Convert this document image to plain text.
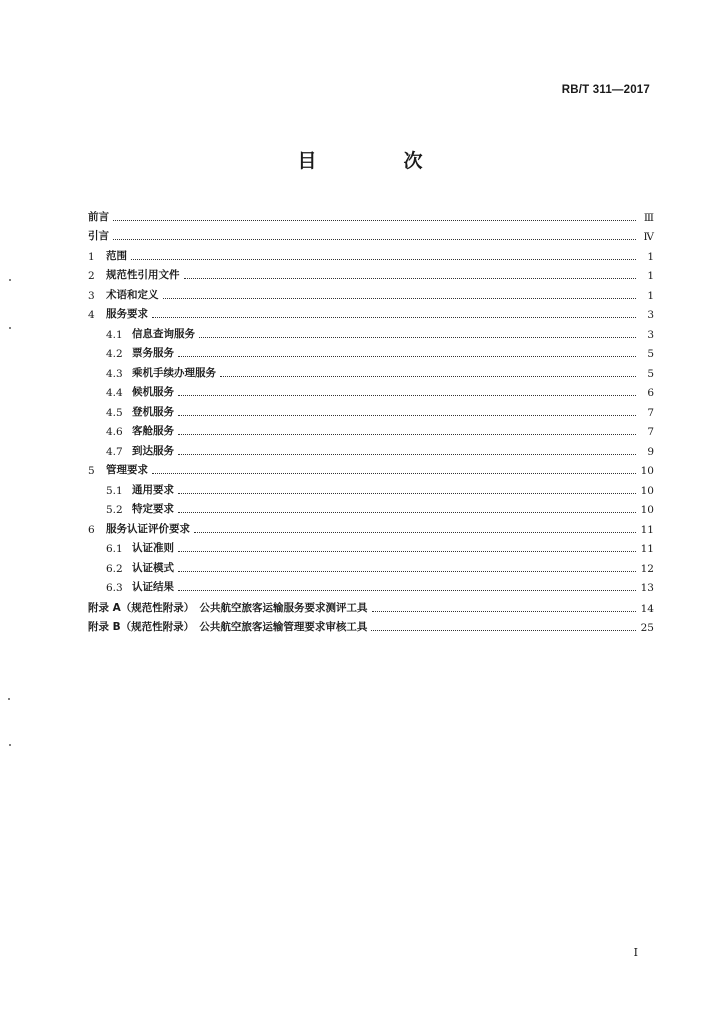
RB/T 311—2017
目　次
前言	Ⅲ
引言	Ⅳ
1	范围	1
2	规范性引用文件	1
3	术语和定义	1
4	服务要求	3
4.1 信息查询服务	3
4.2 票务服务	5
4.3 乘机手续办理服务	5
4.4 候机服务	6
4.5 登机服务	7
4.6 客舱服务	7
4.7 到达服务	9
5	管理要求	10
5.1 通用要求	10
5.2 特定要求	10
6	服务认证评价要求	11
6.1 认证准则	11
6.2 认证模式	12
6.3 认证结果	13
附录 A（规范性附录）　公共航空旅客运输服务要求测评工具	14
附录 B（规范性附录）　公共航空旅客运输管理要求审核工具	25
I
